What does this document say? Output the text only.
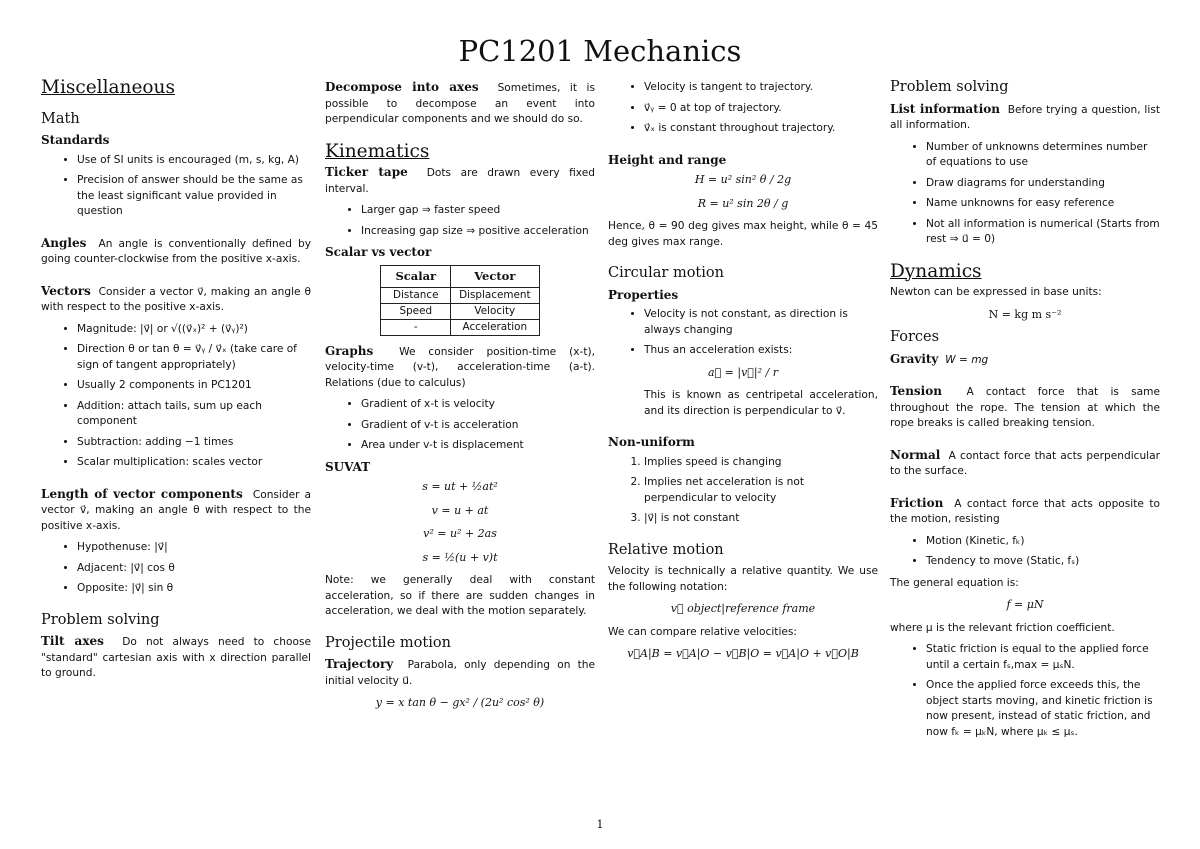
PC1201 Mechanics
Miscellaneous
Math
Standards
• Use of SI units is encouraged (m, s, kg, A)
• Precision of answer should be the same as the least significant value provided in question

Angles An angle is conventionally defined by going counter-clockwise from the positive x-axis.

Vectors Consider a vector v⃗, making an angle θ with respect to the positive x-axis.

• Magnitude: |v⃗| or √((v⃗ₓ)² + (v⃗ᵧ)²)
• Direction θ or tan θ = v⃗ᵧ / v⃗ₓ (take care of sign of tangent appropriately)
• Usually 2 components in PC1201
• Addition: attach tails, sum up each component
• Subtraction: adding −1 times
• Scalar multiplication: scales vector

Length of vector components Consider a vector v⃗, making an angle θ with respect to the positive x-axis.

• Hypothenuse: |v⃗|
• Adjacent: |v⃗| cos θ
• Opposite: |v⃗| sin θ
Problem solving

Tilt axes Do not always need to choose "standard" cartesian axis with x direction parallel to ground.

Decompose into axes Sometimes, it is possible to decompose an event into perpendicular components and we should do so.

Kinematics

Ticker tape Dots are drawn every fixed interval.

• Larger gap ⇒ faster speed
• Increasing gap size ⇒ positive acceleration
Scalar vs vector
Scalar	Vector
Distance	Displacement
Speed	Velocity
-	Acceleration

Graphs We consider position-time (x-t), velocity-time (v-t), acceleration-time (a-t). Relations (due to calculus)

• Gradient of x-t is velocity
• Gradient of v-t is acceleration
• Area under v-t is displacement
SUVAT
s = ut + ½at²
v = u + at
v² = u² + 2as
s = ½(u + v)t

Note: we generally deal with constant acceleration, so if there are sudden changes in acceleration, we deal with the motion separately.

Projectile motion

Trajectory Parabola, only depending on the initial velocity u⃗.

y = x tan θ − gx² / (2u² cos² θ)
• Velocity is tangent to trajectory.
• v⃗ᵧ = 0 at top of trajectory.
• v⃗ₓ is constant throughout trajectory.
Height and range
H = u² sin² θ / 2g
R = u² sin 2θ / g

Hence, θ = 90 deg gives max height, while θ = 45 deg gives max range.

Circular motion
Properties
• Velocity is not constant, as direction is always changing
• Thus an acceleration exists:
a꜀ = |v⃗|² / r

This is known as centripetal acceleration, and its direction is perpendicular to v⃗.

Non-uniform
1. Implies speed is changing
2. Implies net acceleration is not perpendicular to velocity
3. |v⃗| is not constant
Relative motion

Velocity is technically a relative quantity. We use the following notation:

v⃗ object|reference frame

We can compare relative velocities:

v⃗A|B = v⃗A|O − v⃗B|O = v⃗A|O + v⃗O|B
Problem solving

List information Before trying a question, list all information.

• Number of unknowns determines number of equations to use
• Draw diagrams for understanding
• Name unknowns for easy reference
• Not all information is numerical (Starts from rest ⇒ u⃗ = 0)
Dynamics

Newton can be expressed in base units:

N = kg m s⁻²
Forces

Gravity W = mg

Tension A contact force that is same throughout the rope. The tension at which the rope breaks is called breaking tension.

Normal A contact force that acts perpendicular to the surface.

Friction A contact force that acts opposite to the motion, resisting

• Motion (Kinetic, fₖ)
• Tendency to move (Static, fₛ)

The general equation is:

f = μN

where μ is the relevant friction coefficient.

• Static friction is equal to the applied force until a certain fₛ,max = μₛN.
• Once the applied force exceeds this, the object starts moving, and kinetic friction is now present, instead of static friction, and now fₖ = μₖN, where μₖ ≤ μₛ.
1
